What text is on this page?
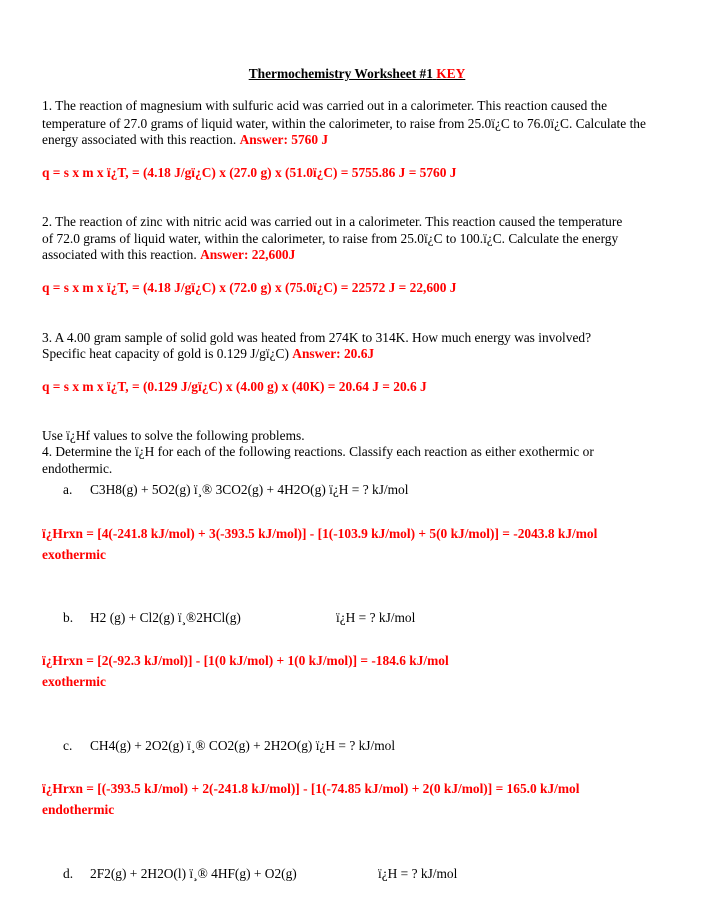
Thermochemistry Worksheet #1 KEY
1. The reaction of magnesium with sulfuric acid was carried out in a calorimeter. This reaction caused the
temperature of 27.0 grams of liquid water, within the calorimeter, to raise from 25.0ï¿C to 76.0ï¿C. Calculate the
energy associated with this reaction. Answer: 5760 J
q = s x m x ï¿T, = (4.18 J/gï¿C) x (27.0 g) x (51.0ï¿C) = 5755.86 J = 5760 J
2. The reaction of zinc with nitric acid was carried out in a calorimeter. This reaction caused the temperature
of 72.0 grams of liquid water, within the calorimeter, to raise from 25.0ï¿C to 100.ï¿C. Calculate the energy
associated with this reaction. Answer: 22,600J
q = s x m x ï¿T, = (4.18 J/gï¿C) x (72.0 g) x (75.0ï¿C) = 22572 J = 22,600 J
3. A 4.00 gram sample of solid gold was heated from 274K to 314K. How much energy was involved?
Specific heat capacity of gold is 0.129 J/gï¿C) Answer: 20.6J
q = s x m x ï¿T, = (0.129 J/gï¿C) x (4.00 g) x (40K) = 20.64 J = 20.6 J
Use ï¿Hf values to solve the following problems.
4. Determine the ï¿H for each of the following reactions. Classify each reaction as either exothermic or
endothermic.
a. C3H8(g) + 5O2(g) ï¸® 3CO2(g) + 4H2O(g) ï¿H = ? kJ/mol
ï¿Hrxn = [4(-241.8 kJ/mol) + 3(-393.5 kJ/mol)] - [1(-103.9 kJ/mol) + 5(0 kJ/mol)] = -2043.8 kJ/mol
exothermic
b. H2 (g) + Cl2(g) ï¸®2HCl(g)	ï¿H = ? kJ/mol
ï¿Hrxn = [2(-92.3 kJ/mol)] - [1(0 kJ/mol) + 1(0 kJ/mol)] = -184.6 kJ/mol
exothermic
c. CH4(g) + 2O2(g) ï¸® CO2(g) + 2H2O(g) ï¿H = ? kJ/mol
ï¿Hrxn = [(-393.5 kJ/mol) + 2(-241.8 kJ/mol)] - [1(-74.85 kJ/mol) + 2(0 kJ/mol)] = 165.0 kJ/mol
endothermic
d. 2F2(g) + 2H2O(l) ï¸® 4HF(g) + O2(g)	ï¿H = ? kJ/mol
